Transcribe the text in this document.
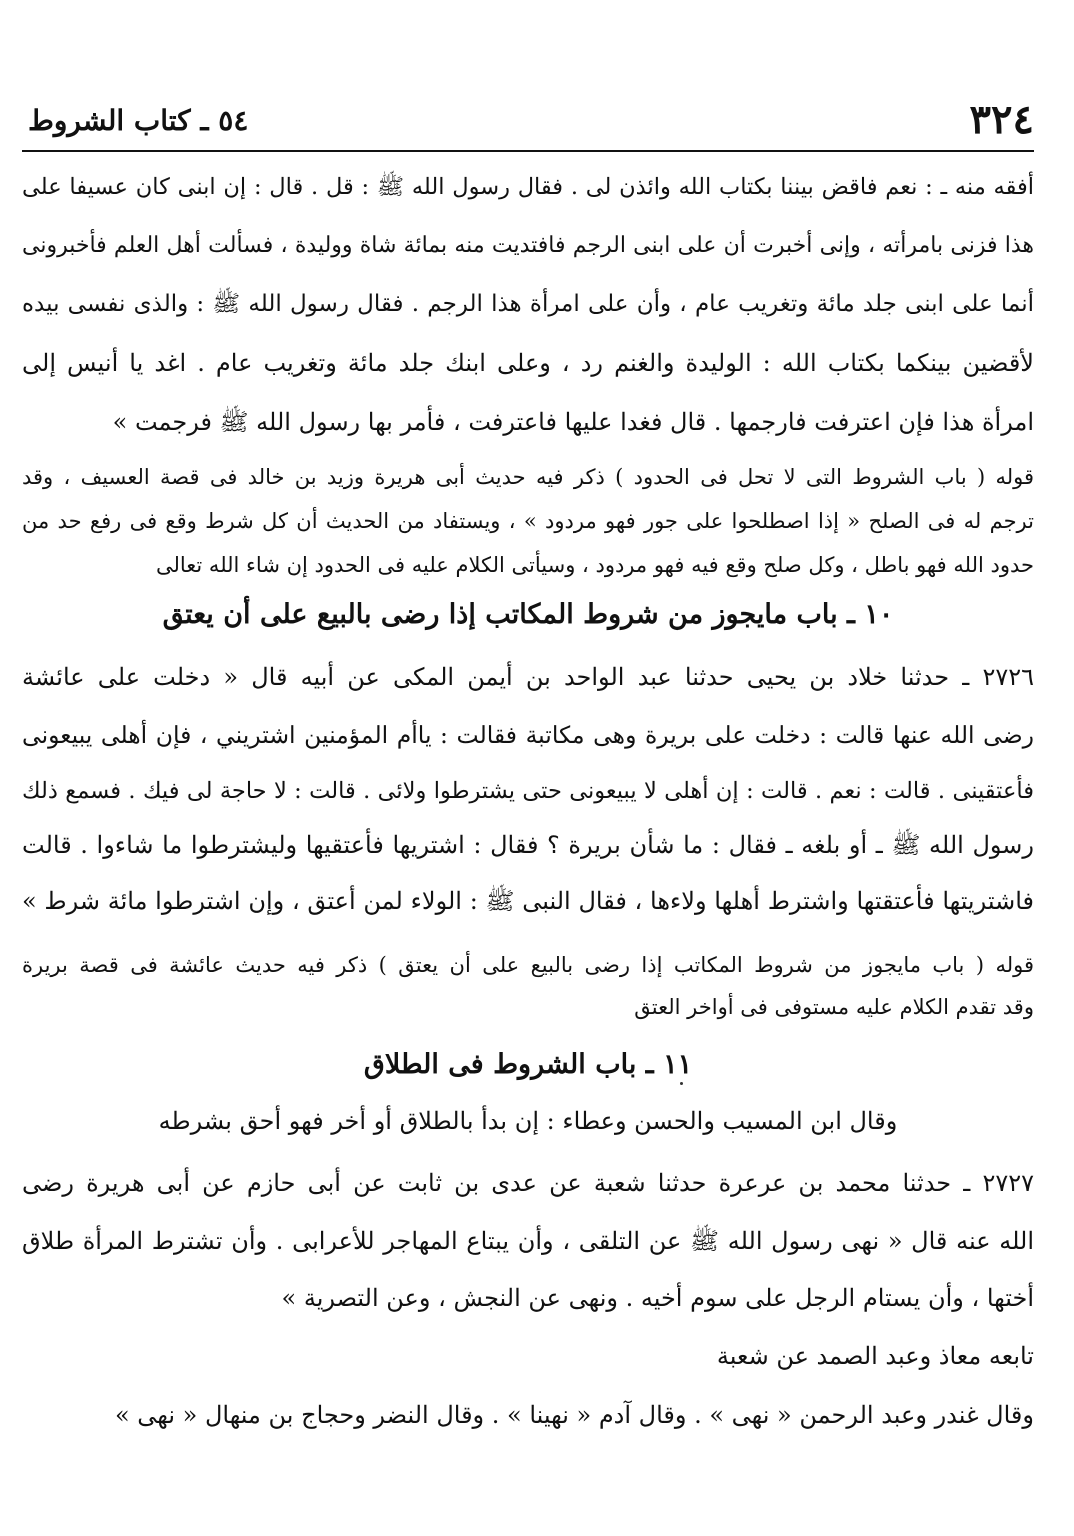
٣٢٤
٥٤ ـ كتاب الشروط
أفقه منه ـ : نعم فاقض بيننا بكتاب الله وائذن لى . فقال رسول الله ﷺ : قل . قال : إن ابنى كان عسيفا على
هذا فزنى بامرأته ، وإنى أخبرت أن على ابنى الرجم فافتديت منه بمائة شاة ووليدة ، فسألت أهل العلم فأخبرونى
أنما على ابنى جلد مائة وتغريب عام ، وأن على امرأة هذا الرجم . فقال رسول الله ﷺ : والذى نفسى بيده
لأقضين بينكما بكتاب الله : الوليدة والغنم رد ، وعلى ابنك جلد مائة وتغريب عام . اغد يا أنيس إلى
امرأة هذا فإن اعترفت فارجمها . قال فغدا عليها فاعترفت ، فأمر بها رسول الله ﷺ فرجمت »
قوله ( باب الشروط التى لا تحل فى الحدود ) ذكر فيه حديث أبى هريرة وزيد بن خالد فى قصة العسيف ، وقد
ترجم له فى الصلح « إذا اصطلحوا على جور فهو مردود » ، ويستفاد من الحديث أن كل شرط وقع فى رفع حد من
حدود الله فهو باطل ، وكل صلح وقع فيه فهو مردود ، وسيأتى الكلام عليه فى الحدود إن شاء الله تعالى
١٠ ـ باب مايجوز من شروط المكاتب إذا رضى بالبيع على أن يعتق
٢٧٢٦ ـ حدثنا خلاد بن يحيى حدثنا عبد الواحد بن أيمن المكى عن أبيه قال « دخلت على عائشة
رضى الله عنها قالت : دخلت على بريرة وهى مكاتبة فقالت : ياأم المؤمنين اشتريني ، فإن أهلى يبيعونى
فأعتقينى . قالت : نعم . قالت : إن أهلى لا يبيعونى حتى يشترطوا ولائى . قالت : لا حاجة لى فيك . فسمع ذلك
رسول الله ﷺ ـ أو بلغه ـ فقال : ما شأن بريرة ؟ فقال : اشتريها فأعتقيها وليشترطوا ما شاءوا . قالت
فاشتريتها فأعتقتها واشترط أهلها ولاءها ، فقال النبى ﷺ : الولاء لمن أعتق ، وإن اشترطوا مائة شرط »
قوله ( باب مايجوز من شروط المكاتب إذا رضى بالبيع على أن يعتق ) ذكر فيه حديث عائشة فى قصة بريرة
وقد تقدم الكلام عليه مستوفى فى أواخر العتق
١١ ـ باب الشروط فى الطلاق
وقال ابن المسيب والحسن وعطاء : إن بدأ بالطلاق أو أخر فهو أحق بشرطه
٢٧٢٧ ـ حدثنا محمد بن عرعرة حدثنا شعبة عن عدى بن ثابت عن أبى حازم عن أبى هريرة رضى
الله عنه قال « نهى رسول الله ﷺ عن التلقى ، وأن يبتاع المهاجر للأعرابى . وأن تشترط المرأة طلاق
أختها ، وأن يستام الرجل على سوم أخيه . ونهى عن النجش ، وعن التصرية »
تابعه معاذ وعبد الصمد عن شعبة
وقال غندر وعبد الرحمن « نهى » . وقال آدم « نهينا » . وقال النضر وحجاج بن منهال « نهى »
